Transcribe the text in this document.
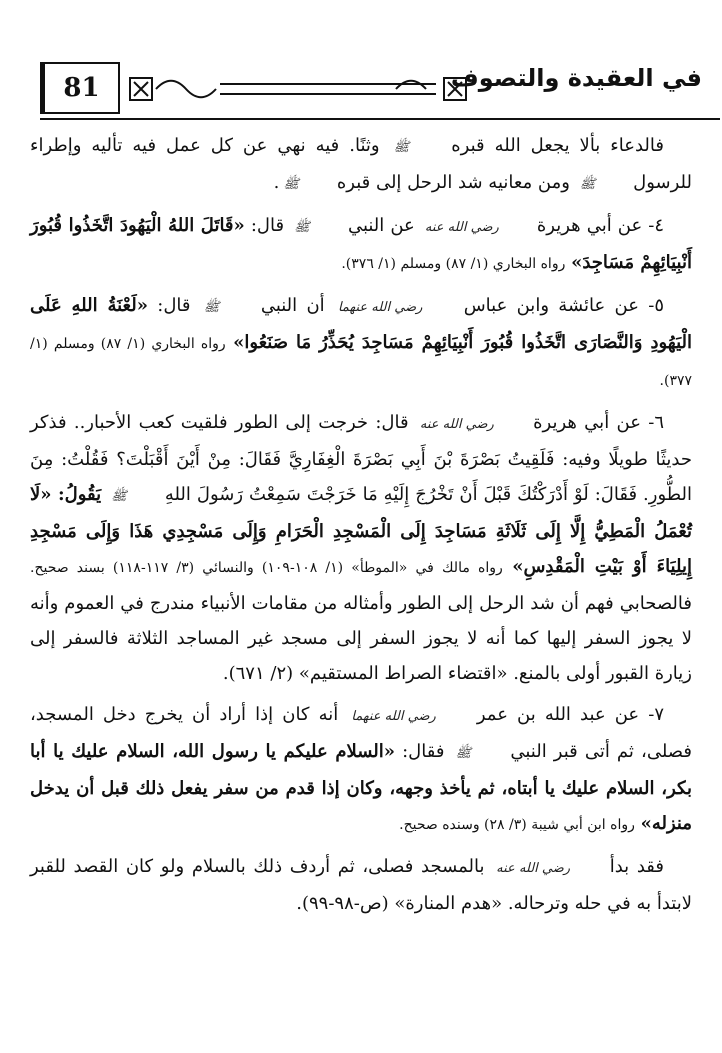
81	في العقيدة والتصوف

فالدعاء بألا يجعل الله قبره ﷺ وثنًا. فيه نهي عن كل عمل فيه تأليه وإطراء للرسول ﷺ ومن معانيه شد الرحل إلى قبره ﷺ.

٤- عن أبي هريرة رضي الله عنه عن النبي ﷺ قال: «قَاتَلَ اللهُ الْيَهُودَ اتَّخَذُوا قُبُورَ أَنْبِيَائِهِمْ مَسَاجِدَ» رواه البخاري (١/ ٨٧) ومسلم (١/ ٣٧٦).

٥- عن عائشة وابن عباس رضي الله عنهما أن النبي ﷺ قال: «لَعْنَةُ اللهِ عَلَى الْيَهُودِ وَالنَّصَارَى اتَّخَذُوا قُبُورَ أَنْبِيَائِهِمْ مَسَاجِدَ يُحَذِّرُ مَا صَنَعُوا» رواه البخاري (١/ ٨٧) ومسلم (١/ ٣٧٧).

٦- عن أبي هريرة رضي الله عنه قال: خرجت إلى الطور فلقيت كعب الأحبار.. فذكر حديثًا طويلًا وفيه: فَلَقِيتُ بَصْرَةَ بْنَ أَبِي بَصْرَةَ الْغِفَارِيَّ فَقَالَ: مِنْ أَيْنَ أَقْبَلْتَ؟ فَقُلْتُ: مِنَ الطُّورِ. فَقَالَ: لَوْ أَدْرَكْتُكَ قَبْلَ أَنْ تَخْرُجَ إِلَيْهِ مَا خَرَجْتَ سَمِعْتُ رَسُولَ اللهِ ﷺ يَقُولُ: «لَا تُعْمَلُ الْمَطِيُّ إِلَّا إِلَى ثَلَاثَةِ مَسَاجِدَ إِلَى الْمَسْجِدِ الْحَرَامِ وَإِلَى مَسْجِدِي هَذَا وَإِلَى مَسْجِدِ إِيلِيَاءَ أَوْ بَيْتِ الْمَقْدِسِ» رواه مالك في «الموطأ» (١/ ١٠٨-١٠٩) والنسائي (٣/ ١١٧-١١٨) بسند صحيح. فالصحابي فهم أن شد الرحل إلى الطور وأمثاله من مقامات الأنبياء مندرج في العموم وأنه لا يجوز السفر إليها كما أنه لا يجوز السفر إلى مسجد غير المساجد الثلاثة فالسفر إلى زيارة القبور أولى بالمنع. «اقتضاء الصراط المستقيم» (٢/ ٦٧١).

٧- عن عبد الله بن عمر رضي الله عنهما أنه كان إذا أراد أن يخرج دخل المسجد، فصلى، ثم أتى قبر النبي ﷺ فقال: «السلام عليكم يا رسول الله، السلام عليك يا أبا بكر، السلام عليك يا أبتاه، ثم يأخذ وجهه، وكان إذا قدم من سفر يفعل ذلك قبل أن يدخل منزله» رواه ابن أبي شيبة (٣/ ٢٨) وسنده صحيح.

فقد بدأ رضي الله عنه بالمسجد فصلى، ثم أردف ذلك بالسلام ولو كان القصد للقبر لابتدأ به في حله وترحاله. «هدم المنارة» (ص-٩٨-٩٩).
